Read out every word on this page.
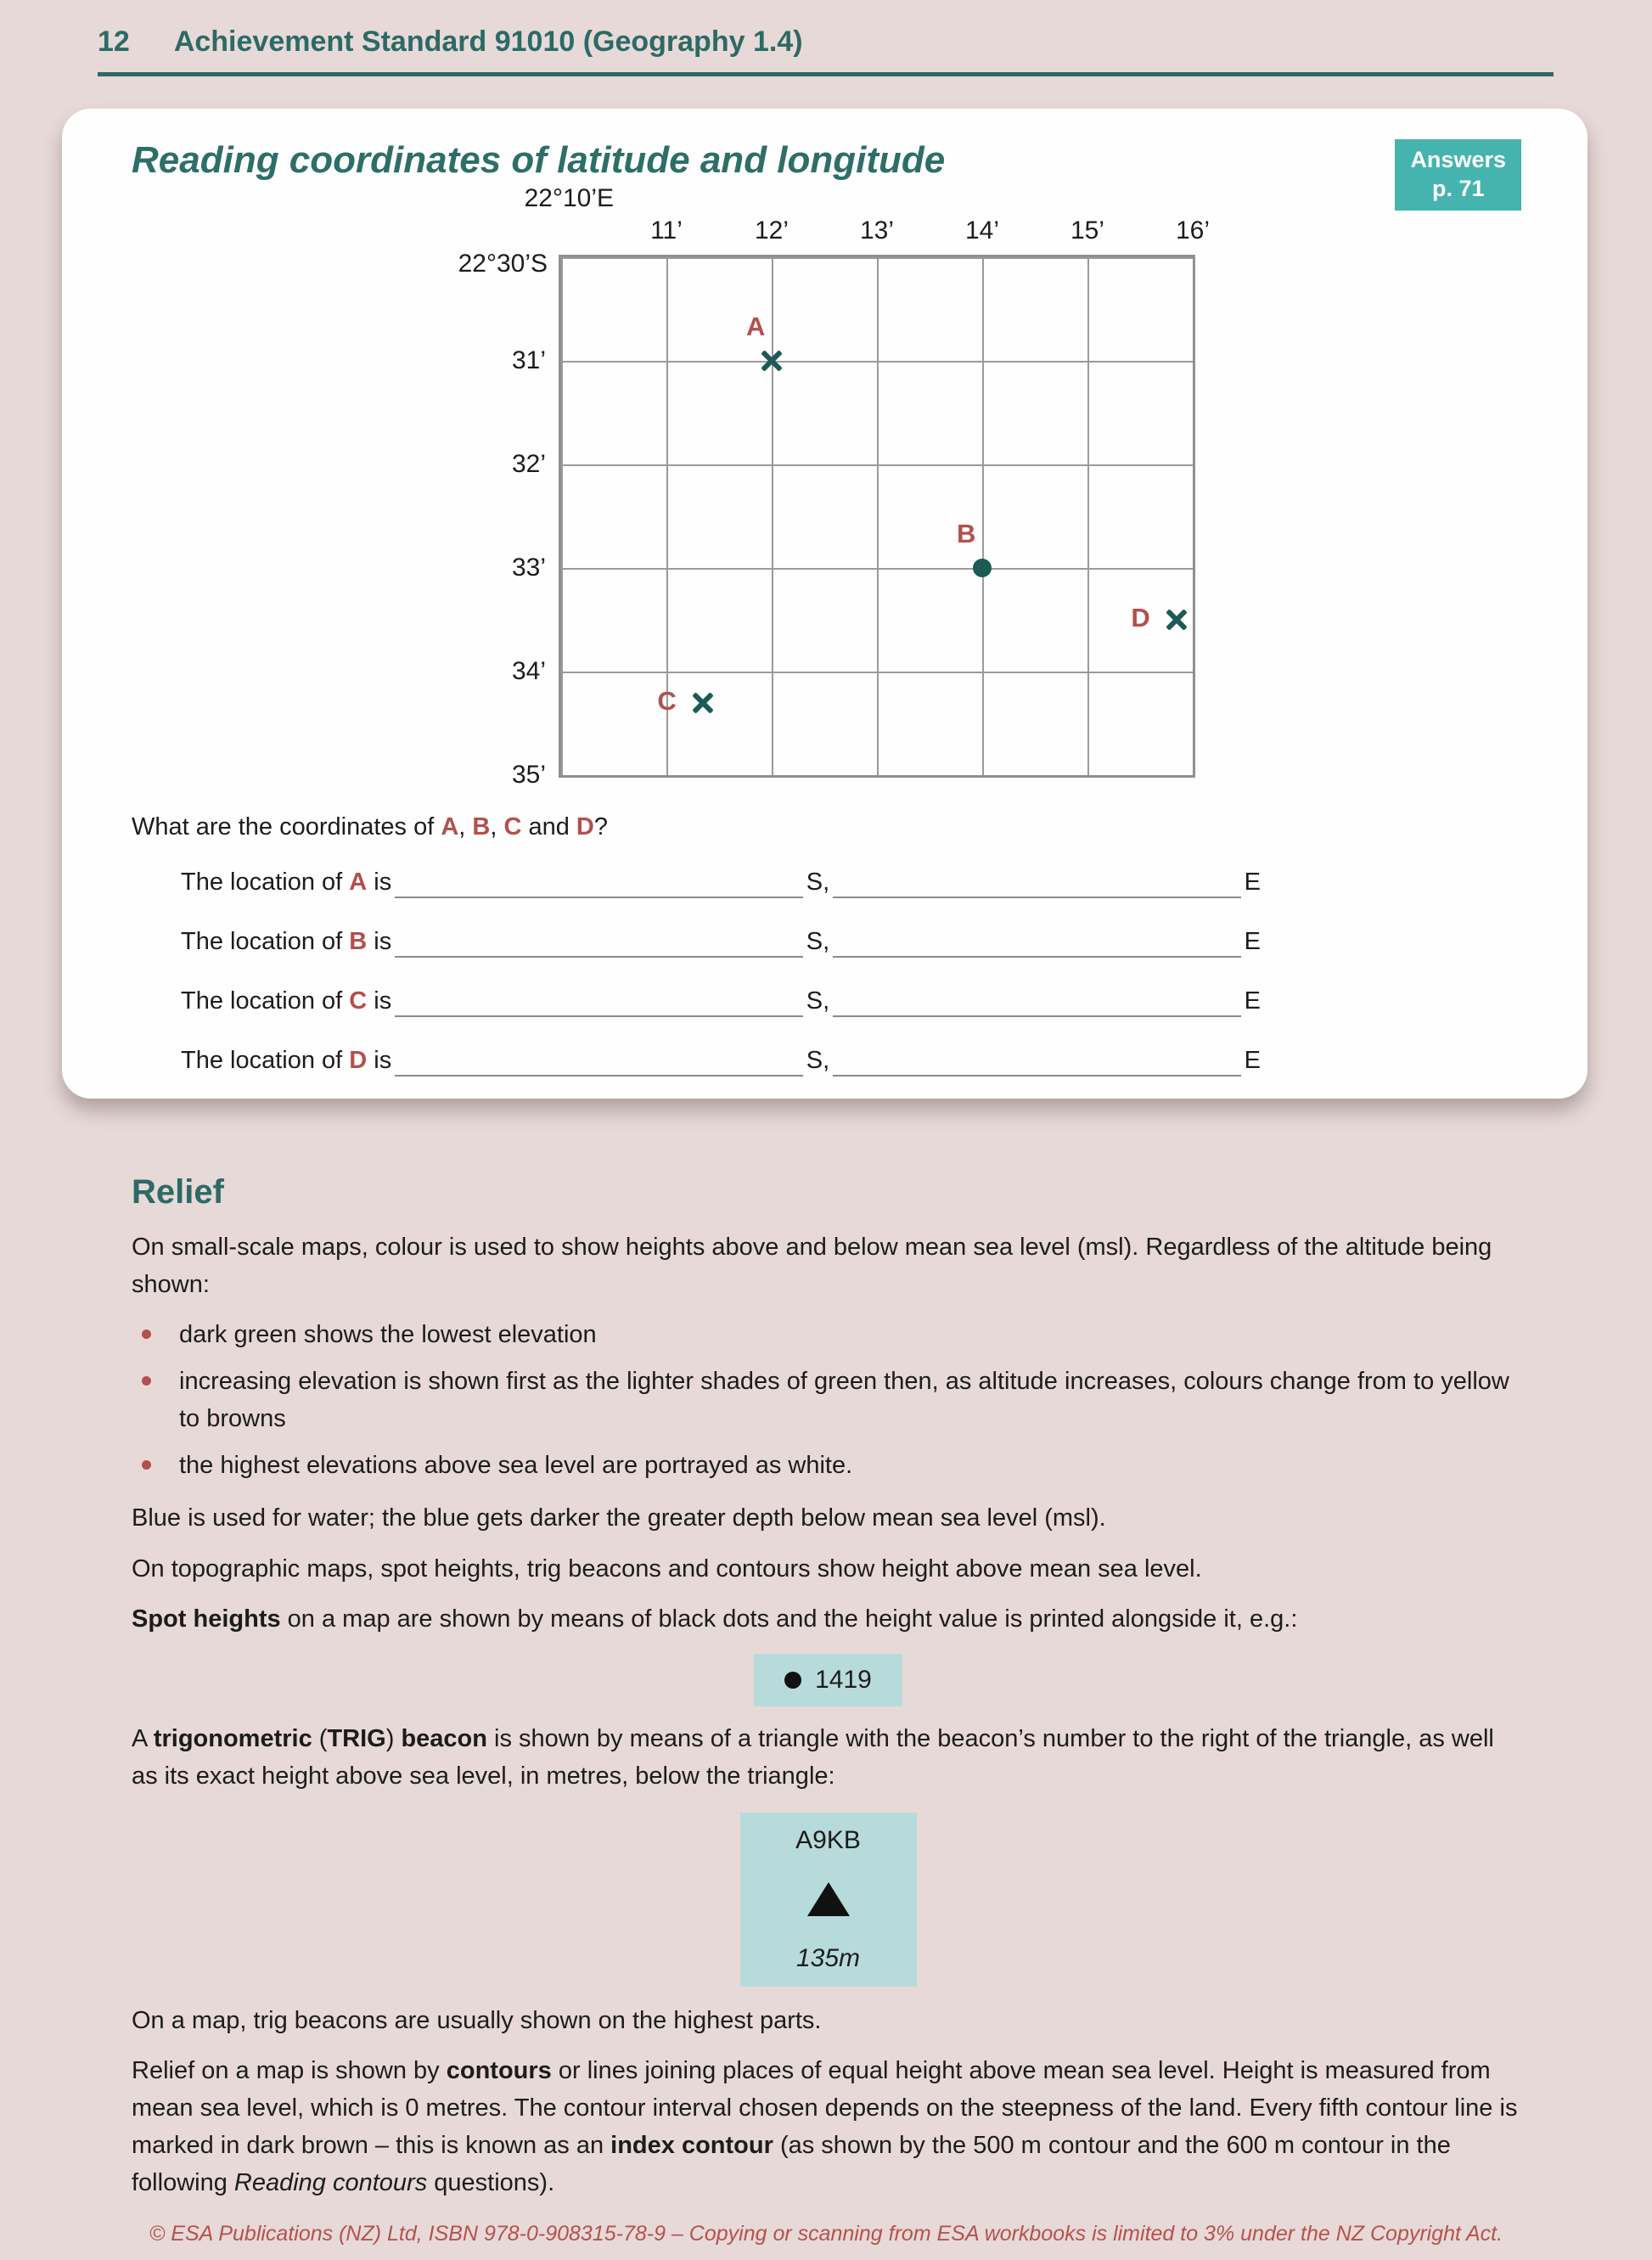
12 Achievement Standard 91010 (Geography 1.4)
Reading coordinates of latitude and longitude	Answers
p. 71
22°10’E
22°30’S
11’	12’	13’	14’	15’	16’
31’
32’
33’
34’
35’
A
B
C
D

What are the coordinates of A, B, C and D?

The location of A is	S,	E
The location of B is	S,	E
The location of C is	S,	E
The location of D is	S,	E
Relief

On small-scale maps, colour is used to show heights above and below mean sea level (msl). Regardless of the altitude being shown:

dark green shows the lowest elevation
increasing elevation is shown first as the lighter shades of green then, as altitude increases, colours change from to yellow to browns
the highest elevations above sea level are portrayed as white.

Blue is used for water; the blue gets darker the greater depth below mean sea level (msl).

On topographic maps, spot heights, trig beacons and contours show height above mean sea level.

Spot heights on a map are shown by means of black dots and the height value is printed alongside it, e.g.:

1419

A trigonometric (TRIG) beacon is shown by means of a triangle with the beacon’s number to the right of the triangle, as well as its exact height above sea level, in metres, below the triangle:

A9KB
135m

On a map, trig beacons are usually shown on the highest parts.

Relief on a map is shown by contours or lines joining places of equal height above mean sea level. Height is measured from mean sea level, which is 0 metres. The contour interval chosen depends on the steepness of the land. Every fifth contour line is marked in dark brown – this is known as an index contour (as shown by the 500 m contour and the 600 m contour in the following Reading contours questions).

© ESA Publications (NZ) Ltd, ISBN 978-0-908315-78-9 – Copying or scanning from ESA workbooks is limited to 3% under the NZ Copyright Act.
